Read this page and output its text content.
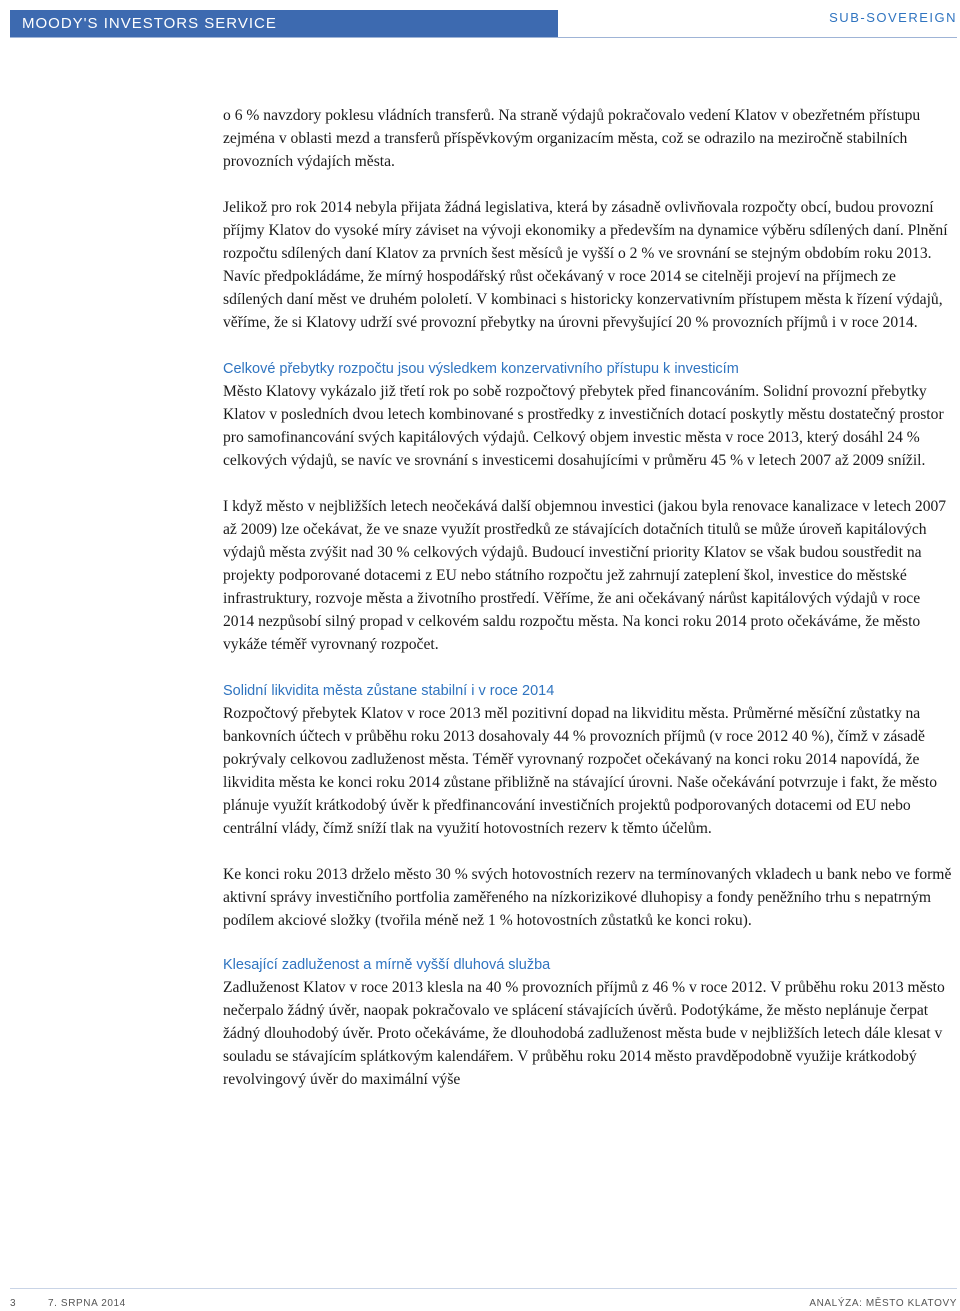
MOODY'S INVESTORS SERVICE	SUB-SOVEREIGN

o 6 % navzdory poklesu vládních transferů. Na straně výdajů pokračovalo vedení Klatov v obezřetném přístupu zejména v oblasti mezd a transferů příspěvkovým organizacím města, což se odrazilo na meziročně stabilních provozních výdajích města.

Jelikož pro rok 2014 nebyla přijata žádná legislativa, která by zásadně ovlivňovala rozpočty obcí, budou provozní příjmy Klatov do vysoké míry záviset na vývoji ekonomiky a především na dynamice výběru sdílených daní. Plnění rozpočtu sdílených daní Klatov za prvních šest měsíců je vyšší o 2 % ve srovnání se stejným obdobím roku 2013. Navíc předpokládáme, že mírný hospodářský růst očekávaný v roce 2014 se citelněji projeví na příjmech ze sdílených daní měst ve druhém pololetí. V kombinaci s historicky konzervativním přístupem města k řízení výdajů, věříme, že si Klatovy udrží své provozní přebytky na úrovni převyšující 20 % provozních příjmů i v roce 2014.

Celkové přebytky rozpočtu jsou výsledkem konzervativního přístupu k investicím

Město Klatovy vykázalo již třetí rok po sobě rozpočtový přebytek před financováním. Solidní provozní přebytky Klatov v posledních dvou letech kombinované s prostředky z investičních dotací poskytly městu dostatečný prostor pro samofinancování svých kapitálových výdajů. Celkový objem investic města v roce 2013, který dosáhl 24 % celkových výdajů, se navíc ve srovnání s investicemi dosahujícími v průměru 45 % v letech 2007 až 2009 snížil.

I když město v nejbližších letech neočekává další objemnou investici (jakou byla renovace kanalizace v letech 2007 až 2009) lze očekávat, že ve snaze využít prostředků ze stávajících dotačních titulů se může úroveň kapitálových výdajů města zvýšit nad 30 % celkových výdajů. Budoucí investiční priority Klatov se však budou soustředit na projekty podporované dotacemi z EU nebo státního rozpočtu jež zahrnují zateplení škol, investice do městské infrastruktury, rozvoje města a životního prostředí. Věříme, že ani očekávaný nárůst kapitálových výdajů v roce 2014 nezpůsobí silný propad v celkovém saldu rozpočtu města. Na konci roku 2014 proto očekáváme, že město vykáže téměř vyrovnaný rozpočet.

Solidní likvidita města zůstane stabilní i v roce 2014

Rozpočtový přebytek Klatov v roce 2013 měl pozitivní dopad na likviditu města. Průměrné měsíční zůstatky na bankovních účtech v průběhu roku 2013 dosahovaly 44 % provozních příjmů (v roce 2012 40 %), čímž v zásadě pokrývaly celkovou zadluženost města. Téměř vyrovnaný rozpočet očekávaný na konci roku 2014 napovídá, že likvidita města ke konci roku 2014 zůstane přibližně na stávající úrovni. Naše očekávání potvrzuje i fakt, že město plánuje využít krátkodobý úvěr k předfinancování investičních projektů podporovaných dotacemi od EU nebo centrální vlády, čímž sníží tlak na využití hotovostních rezerv k těmto účelům.

Ke konci roku 2013 drželo město 30 % svých hotovostních rezerv na termínovaných vkladech u bank nebo ve formě aktivní správy investičního portfolia zaměřeného na nízkorizikové dluhopisy a fondy peněžního trhu s nepatrným podílem akciové složky (tvořila méně než 1 % hotovostních zůstatků ke konci roku).

Klesající zadluženost a mírně vyšší dluhová služba

Zadluženost Klatov v roce 2013 klesla na 40 % provozních příjmů z 46 % v roce 2012. V průběhu roku 2013 město nečerpalo žádný úvěr, naopak pokračovalo ve splácení stávajících úvěrů. Podotýkáme, že město neplánuje čerpat žádný dlouhodobý úvěr. Proto očekáváme, že dlouhodobá zadluženost města bude v nejbližších letech dále klesat v souladu se stávajícím splátkovým kalendářem. V průběhu roku 2014 město pravděpodobně využije krátkodobý revolvingový úvěr do maximální výše

3	7. SRPNA 2014	ANALÝZA: MĚSTO KLATOVY
